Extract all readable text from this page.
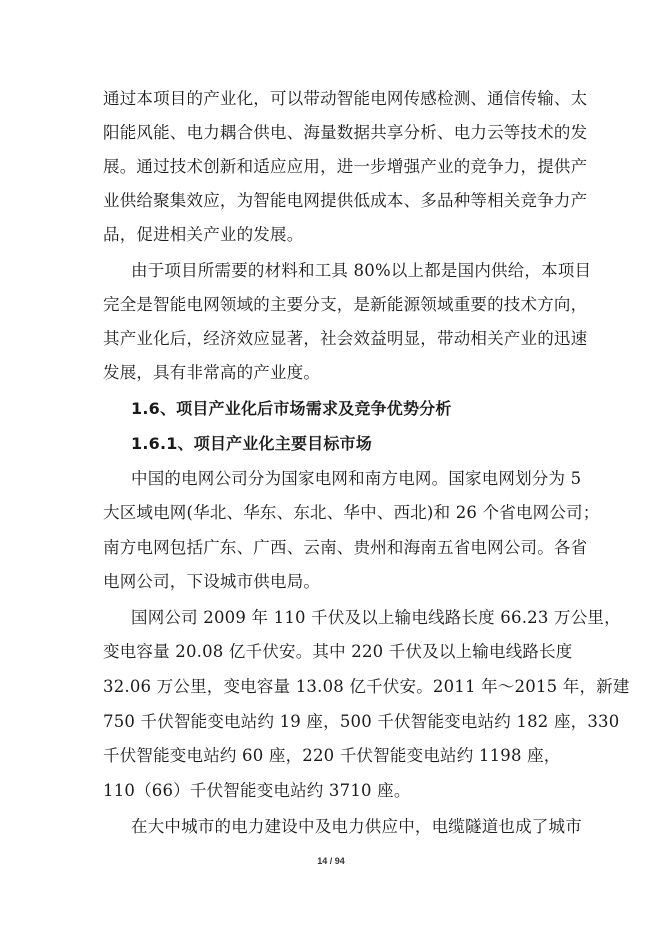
通过本项目的产业化，可以带动智能电网传感检测、通信传输、太
阳能风能、电力耦合供电、海量数据共享分析、电力云等技术的发
展。通过技术创新和适应应用，进一步增强产业的竞争力，提供产
业供给聚集效应，为智能电网提供低成本、多品种等相关竞争力产
品，促进相关产业的发展。
由于项目所需要的材料和工具 80%以上都是国内供给，本项目
完全是智能电网领域的主要分支，是新能源领域重要的技术方向，
其产业化后，经济效应显著，社会效益明显，带动相关产业的迅速
发展，具有非常高的产业度。
1.6、项目产业化后市场需求及竞争优势分析
1.6.1、项目产业化主要目标市场
中国的电网公司分为国家电网和南方电网。国家电网划分为 5
大区域电网(华北、华东、东北、华中、西北)和 26 个省电网公司；
南方电网包括广东、广西、云南、贵州和海南五省电网公司。各省
电网公司，下设城市供电局。
国网公司 2009 年 110 千伏及以上输电线路长度 66.23 万公里，
变电容量 20.08 亿千伏安。其中 220 千伏及以上输电线路长度
32.06 万公里，变电容量 13.08 亿千伏安。2011 年～2015 年，新建
750 千伏智能变电站约 19 座，500 千伏智能变电站约 182 座，330
千伏智能变电站约 60 座，220 千伏智能变电站约 1198 座，
110（66）千伏智能变电站约 3710 座。
在大中城市的电力建设中及电力供应中，电缆隧道也成了城市
14 / 94
